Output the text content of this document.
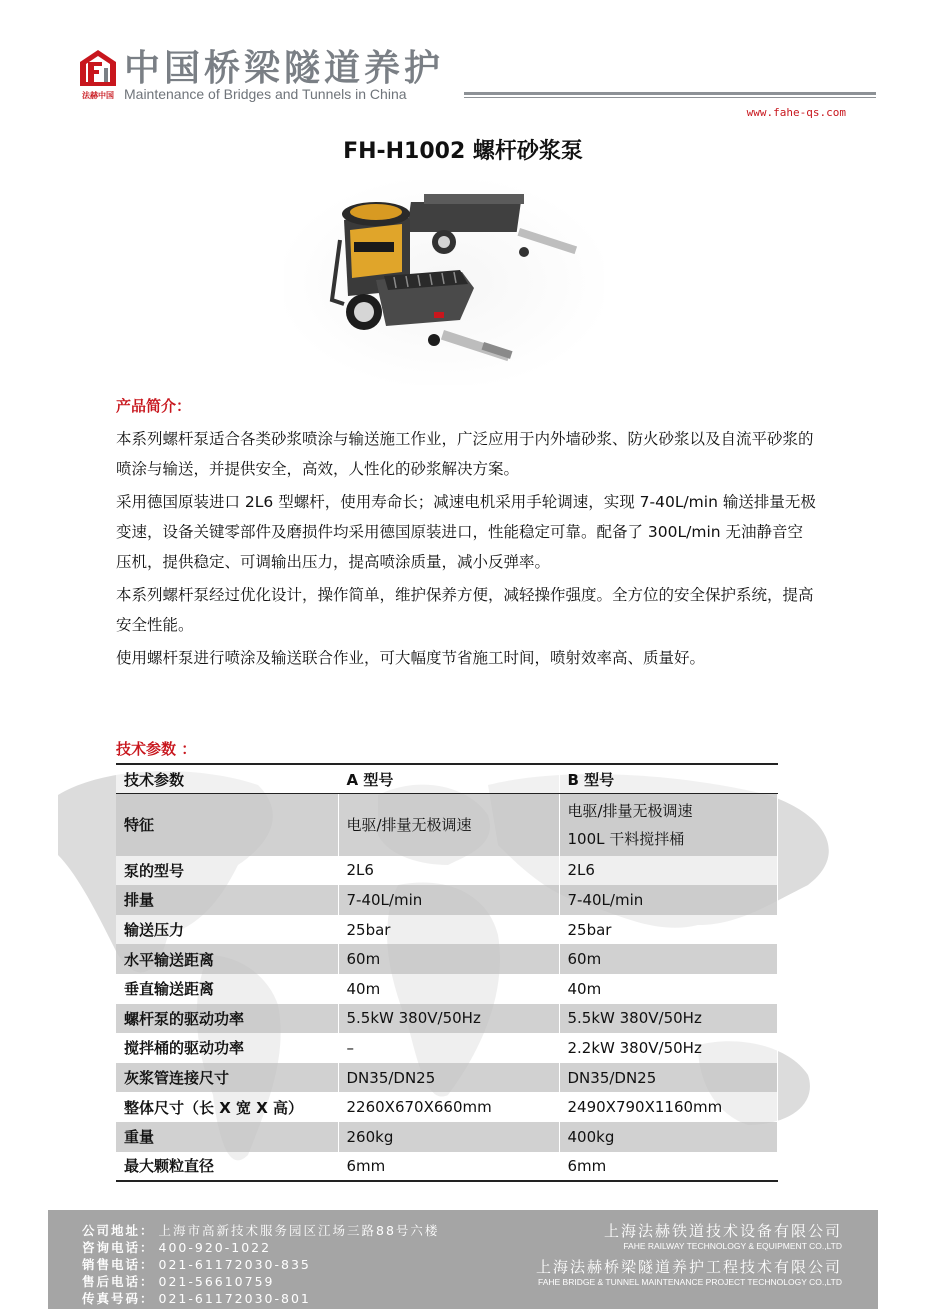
法赫中国
中国桥梁隧道养护
Maintenance of Bridges and Tunnels in China
www.fahe-qs.com
FH-H1002 螺杆砂浆泵
产品简介：

本系列螺杆泵适合各类砂浆喷涂与输送施工作业，广泛应用于内外墙砂浆、防火砂浆以及自流平砂浆的喷涂与输送，并提供安全，高效，人性化的砂浆解决方案。

采用德国原装进口 2L6 型螺杆，使用寿命长；减速电机采用手轮调速，实现 7-40L/min 输送排量无极变速，设备关键零部件及磨损件均采用德国原装进口，性能稳定可靠。配备了 300L/min 无油静音空压机，提供稳定、可调输出压力，提高喷涂质量，减小反弹率。

本系列螺杆泵经过优化设计，操作简单，维护保养方便，减轻操作强度。全方位的安全保护系统，提高安全性能。

使用螺杆泵进行喷涂及输送联合作业，可大幅度节省施工时间，喷射效率高、质量好。

技术参数 ：
技术参数	A 型号	B 型号
特征	电驱/排量无极调速	电驱/排量无极调速
100L 干料搅拌桶

泵的型号	2L6	2L6
排量	7-40L/min	7-40L/min
输送压力	25bar	25bar
水平输送距离	60m	60m
垂直输送距离	40m	40m
螺杆泵的驱动功率	5.5kW 380V/50Hz	5.5kW 380V/50Hz
搅拌桶的驱动功率	–	2.2kW 380V/50Hz
灰浆管连接尺寸	DN35/DN25	DN35/DN25
整体尺寸（长 X 宽 X 高）	2260X670X660mm	2490X790X1160mm
重量	260kg	400kg
最大颗粒直径	6mm	6mm
公司地址： 上海市高新技术服务园区江场三路88号六楼
咨询电话： 400-920-1022
销售电话： 021-61172030-835
售后电话： 021-56610759
传真号码： 021-61172030-801
上海法赫铁道技术设备有限公司
FAHE RAILWAY TECHNOLOGY & EQUIPMENT CO.,LTD
上海法赫桥梁隧道养护工程技术有限公司
FAHE BRIDGE & TUNNEL MAINTENANCE PROJECT TECHNOLOGY CO.,LTD
